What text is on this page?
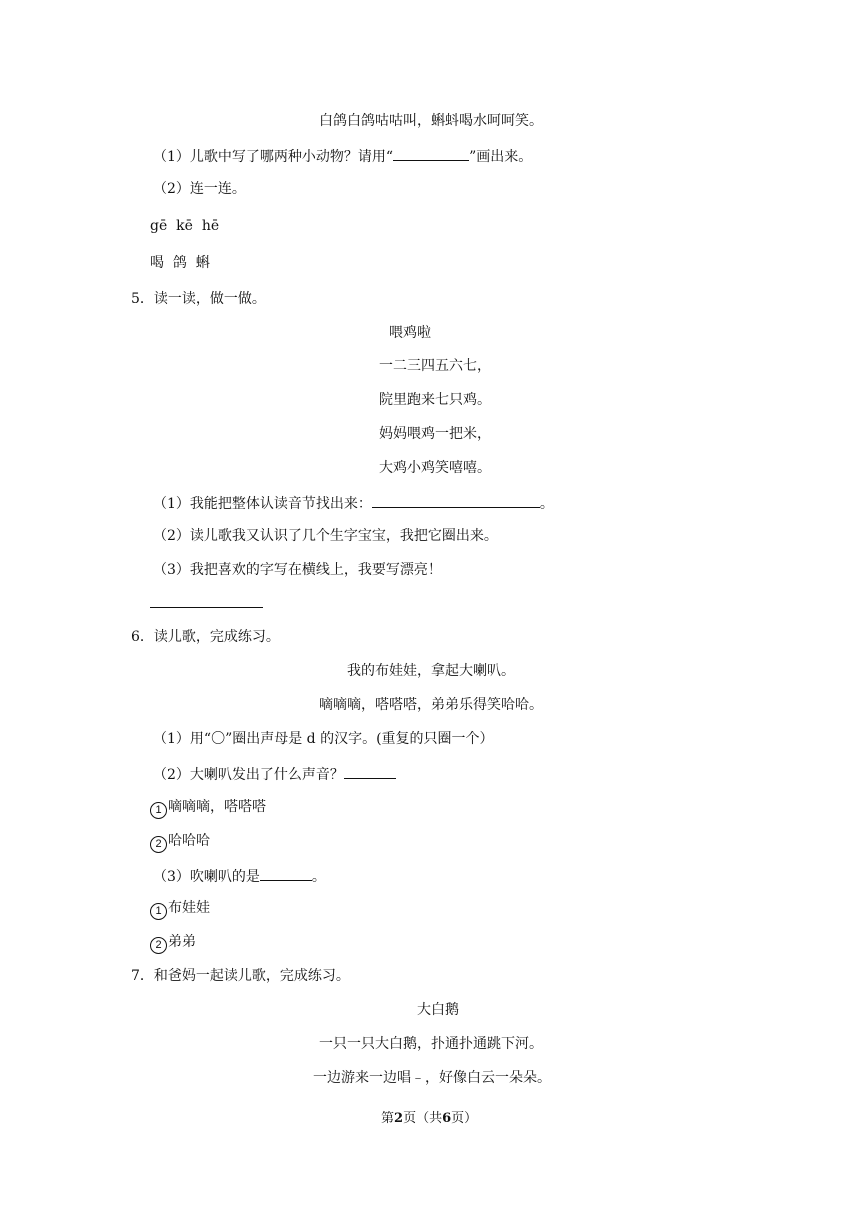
白鸽白鸽咕咕叫，蝌蚪喝水呵呵笑。
（1）儿歌中写了哪两种小动物？请用“	”画出来。
（2）连一连。
gē  kē  hē
喝  鸽  蝌
5．读一读，做一做。
喂鸡啦
一二三四五六七，
院里跑来七只鸡。
妈妈喂鸡一把米，
大鸡小鸡笑嘻嘻。
（1）我能把整体认读音节找出来：	。
（2）读儿歌我又认识了几个生字宝宝，我把它圈出来。
（3）我把喜欢的字写在横线上，我要写漂亮！
6．读儿歌，完成练习。
我的布娃娃，拿起大喇叭。
嘀嘀嘀，嗒嗒嗒，弟弟乐得笑哈哈。
（1）用“〇”圈出声母是 d 的汉字。(重复的只圈一个）
（2）大喇叭发出了什么声音？
1 嘀嘀嘀，嗒嗒嗒
2 哈哈哈
（3）吹喇叭的是	。
1 布娃娃
2 弟弟
7．和爸妈一起读儿歌，完成练习。
大白鹅
一只一只大白鹅，扑通扑通跳下河。
一边游来一边唱﹣，好像白云一朵朵。
第2页（共6页）
